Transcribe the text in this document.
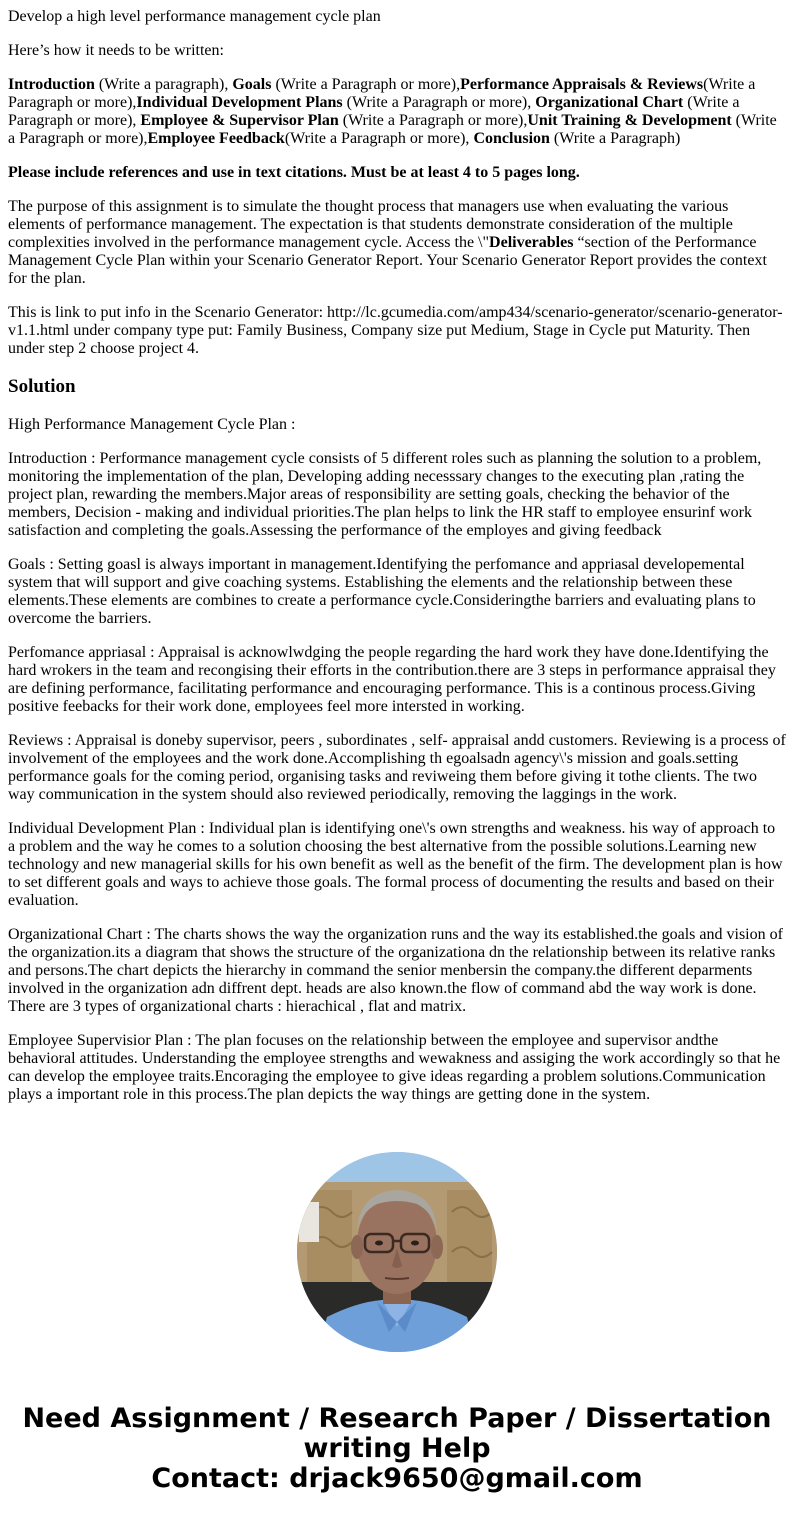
Develop a high level performance management cycle plan

Here’s how it needs to be written:

Introduction (Write a paragraph), Goals (Write a Paragraph or more),Performance Appraisals & Reviews(Write a Paragraph or more),Individual Development Plans (Write a Paragraph or more), Organizational Chart (Write a Paragraph or more), Employee & Supervisor Plan (Write a Paragraph or more),Unit Training & Development (Write a Paragraph or more),Employee Feedback(Write a Paragraph or more), Conclusion (Write a Paragraph)

Please include references and use in text citations. Must be at least 4 to 5 pages long.

The purpose of this assignment is to simulate the thought process that managers use when evaluating the various elements of performance management. The expectation is that students demonstrate consideration of the multiple complexities involved in the performance management cycle. Access the \"Deliverables “section of the Performance Management Cycle Plan within your Scenario Generator Report. Your Scenario Generator Report provides the context for the plan.

This is link to put info in the Scenario Generator: http://lc.gcumedia.com/amp434/scenario-generator/scenario-generator-v1.1.html under company type put: Family Business, Company size put Medium, Stage in Cycle put Maturity. Then under step 2 choose project 4.

Solution

High Performance Management Cycle Plan :

Introduction : Performance management cycle consists of 5 different roles such as planning the solution to a problem, monitoring the implementation of the plan, Developing adding necesssary changes to the executing plan ,rating the project plan, rewarding the members.Major areas of responsibility are setting goals, checking the behavior of the members, Decision - making and individual priorities.The plan helps to link the HR staff to employee ensurinf work satisfaction and completing the goals.Assessing the performance of the employes and giving feedback

Goals : Setting goasl is always important in management.Identifying the perfomance and appriasal developemental system that will support and give coaching systems. Establishing the elements and the relationship between these elements.These elements are combines to create a performance cycle.Consideringthe barriers and evaluating plans to overcome the barriers.

Perfomance appriasal : Appraisal is acknowlwdging the people regarding the hard work they have done.Identifying the hard wrokers in the team and recongising their efforts in the contribution.there are 3 steps in performance appraisal they are defining performance, facilitating performance and encouraging performance. This is a continous process.Giving positive feebacks for their work done, employees feel more intersted in working.

Reviews : Appraisal is doneby supervisor, peers , subordinates , self- appraisal andd customers. Reviewing is a process of involvement of the employees and the work done.Accomplishing th egoalsadn agency\'s mission and goals.setting performance goals for the coming period, organising tasks and reviweing them before giving it tothe clients. The two way communication in the system should also reviewed periodically, removing the laggings in the work.

Individual Development Plan : Individual plan is identifying one\'s own strengths and weakness. his way of approach to a problem and the way he comes to a solution choosing the best alternative from the possible solutions.Learning new technology and new managerial skills for his own benefit as well as the benefit of the firm. The development plan is how to set different goals and ways to achieve those goals. The formal process of documenting the results and based on their evaluation.

Organizational Chart : The charts shows the way the organization runs and the way its established.the goals and vision of the organization.its a diagram that shows the structure of the organizationa dn the relationship between its relative ranks and persons.The chart depicts the hierarchy in command the senior menbersin the company.the different deparments involved in the organization adn diffrent dept. heads are also known.the flow of command abd the way work is done. There are 3 types of organizational charts : hierachical , flat and matrix.

Employee Supervisior Plan : The plan focuses on the relationship between the employee and supervisor andthe behavioral attitudes. Understanding the employee strengths and wewakness and assiging the work accordingly so that he can develop the employee traits.Encoraging the employee to give ideas regarding a problem solutions.Communication plays a important role in this process.The plan depicts the way things are getting done in the system.

Need Assignment / Research Paper / Dissertation writing Help
Contact: drjack9650@gmail.com
